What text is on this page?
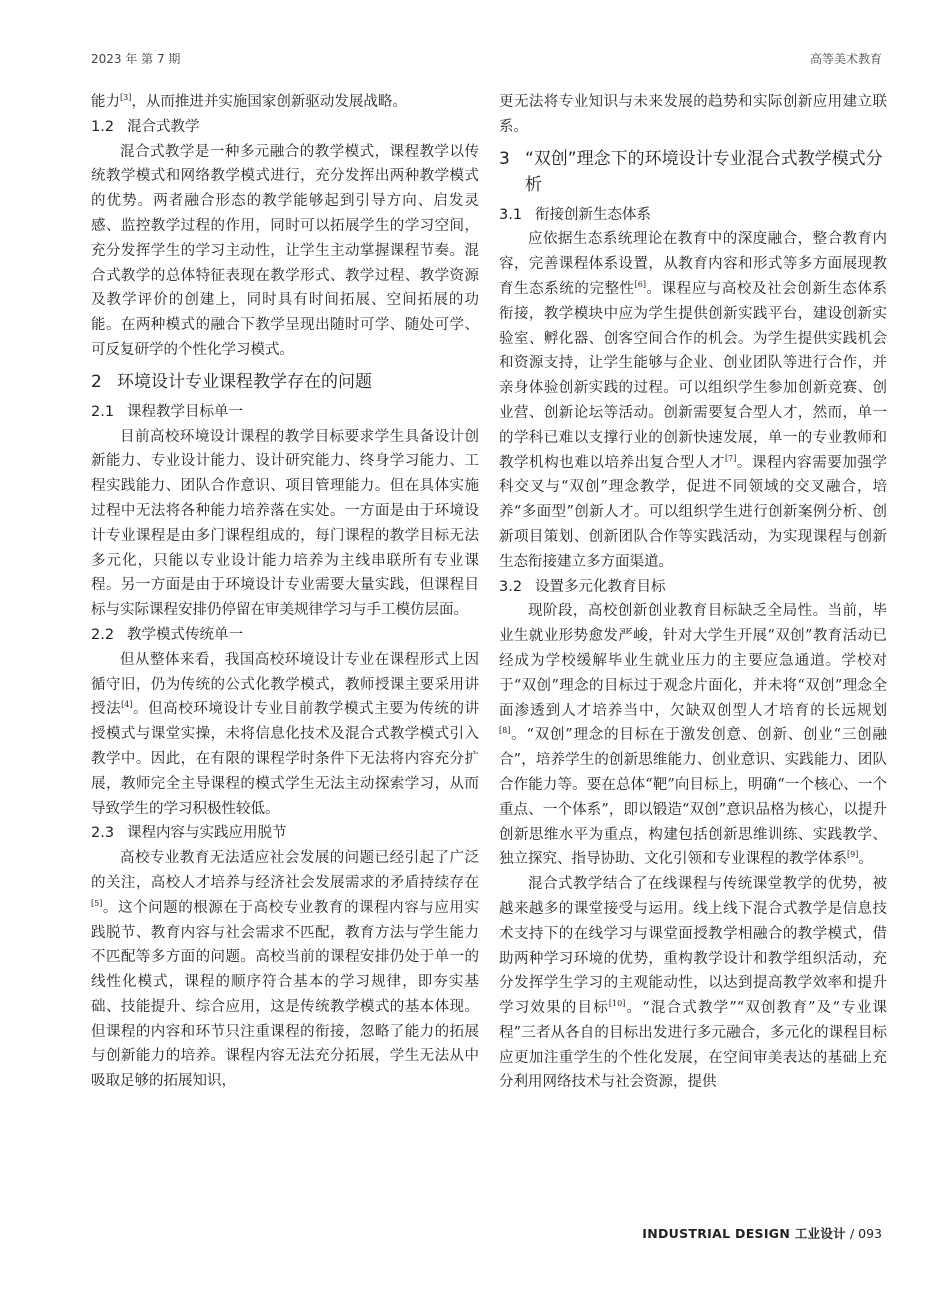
2023 年 第 7 期	高等美术教育

能力[3]，从而推进并实施国家创新驱动发展战略。

1.2 混合式教学

混合式教学是一种多元融合的教学模式，课程教学以传统教学模式和网络教学模式进行，充分发挥出两种教学模式的优势。两者融合形态的教学能够起到引导方向、启发灵感、监控教学过程的作用，同时可以拓展学生的学习空间，充分发挥学生的学习主动性，让学生主动掌握课程节奏。混合式教学的总体特征表现在教学形式、教学过程、教学资源及教学评价的创建上，同时具有时间拓展、空间拓展的功能。在两种模式的融合下教学呈现出随时可学、随处可学、可反复研学的个性化学习模式。

2 环境设计专业课程教学存在的问题
2.1 课程教学目标单一

目前高校环境设计课程的教学目标要求学生具备设计创新能力、专业设计能力、设计研究能力、终身学习能力、工程实践能力、团队合作意识、项目管理能力。但在具体实施过程中无法将各种能力培养落在实处。一方面是由于环境设计专业课程是由多门课程组成的，每门课程的教学目标无法多元化，只能以专业设计能力培养为主线串联所有专业课程。另一方面是由于环境设计专业需要大量实践，但课程目标与实际课程安排仍停留在审美规律学习与手工模仿层面。

2.2 教学模式传统单一

但从整体来看，我国高校环境设计专业在课程形式上因循守旧，仍为传统的公式化教学模式，教师授课主要采用讲授法[4]。但高校环境设计专业目前教学模式主要为传统的讲授模式与课堂实操，未将信息化技术及混合式教学模式引入教学中。因此，在有限的课程学时条件下无法将内容充分扩展，教师完全主导课程的模式学生无法主动探索学习，从而导致学生的学习积极性较低。

2.3 课程内容与实践应用脱节

高校专业教育无法适应社会发展的问题已经引起了广泛的关注，高校人才培养与经济社会发展需求的矛盾持续存在[5]。这个问题的根源在于高校专业教育的课程内容与应用实践脱节、教育内容与社会需求不匹配，教育方法与学生能力不匹配等多方面的问题。高校当前的课程安排仍处于单一的线性化模式，课程的顺序符合基本的学习规律，即夯实基础、技能提升、综合应用，这是传统教学模式的基本体现。但课程的内容和环节只注重课程的衔接，忽略了能力的拓展与创新能力的培养。课程内容无法充分拓展，学生无法从中吸取足够的拓展知识，

更无法将专业知识与未来发展的趋势和实际创新应用建立联系。

3 “双创”理念下的环境设计专业混合式教学模式分析
3.1 衔接创新生态体系

应依据生态系统理论在教育中的深度融合，整合教育内容，完善课程体系设置，从教育内容和形式等多方面展现教育生态系统的完整性[6]。课程应与高校及社会创新生态体系衔接，教学模块中应为学生提供创新实践平台，建设创新实验室、孵化器、创客空间合作的机会。为学生提供实践机会和资源支持，让学生能够与企业、创业团队等进行合作，并亲身体验创新实践的过程。可以组织学生参加创新竞赛、创业营、创新论坛等活动。创新需要复合型人才，然而，单一的学科已难以支撑行业的创新快速发展，单一的专业教师和教学机构也难以培养出复合型人才[7]。课程内容需要加强学科交叉与“双创”理念教学，促进不同领域的交叉融合，培养“多面型”创新人才。可以组织学生进行创新案例分析、创新项目策划、创新团队合作等实践活动，为实现课程与创新生态衔接建立多方面渠道。

3.2 设置多元化教育目标

现阶段，高校创新创业教育目标缺乏全局性。当前，毕业生就业形势愈发严峻，针对大学生开展“双创”教育活动已经成为学校缓解毕业生就业压力的主要应急通道。学校对于“双创”理念的目标过于观念片面化，并未将“双创”理念全面渗透到人才培养当中，欠缺双创型人才培育的长远规划[8]。“双创”理念的目标在于激发创意、创新、创业“三创融合”，培养学生的创新思维能力、创业意识、实践能力、团队合作能力等。要在总体“靶”向目标上，明确“一个核心、一个重点、一个体系”，即以锻造“双创”意识品格为核心，以提升创新思维水平为重点，构建包括创新思维训练、实践教学、独立探究、指导协助、文化引领和专业课程的教学体系[9]。

混合式教学结合了在线课程与传统课堂教学的优势，被越来越多的课堂接受与运用。线上线下混合式教学是信息技术支持下的在线学习与课堂面授教学相融合的教学模式，借助两种学习环境的优势，重构教学设计和教学组织活动，充分发挥学生学习的主观能动性，以达到提高教学效率和提升学习效果的目标[10]。“混合式教学”“双创教育”及“专业课程”三者从各自的目标出发进行多元融合，多元化的课程目标应更加注重学生的个性化发展，在空间审美表达的基础上充分利用网络技术与社会资源，提供

INDUSTRIAL DESIGN 工业设计 / 093
